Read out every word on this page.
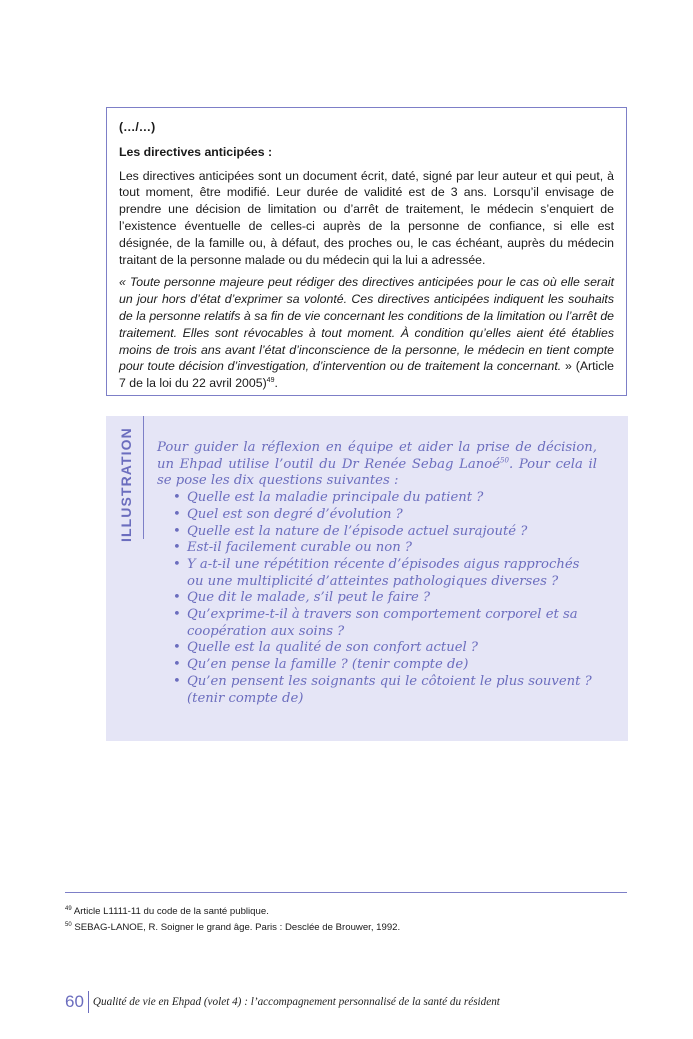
(…/…)

Les directives anticipées :

Les directives anticipées sont un document écrit, daté, signé par leur auteur et qui peut, à tout moment, être modifié. Leur durée de validité est de 3 ans. Lorsqu’il envisage de prendre une décision de limitation ou d’arrêt de traitement, le médecin s’enquiert de l’existence éventuelle de celles-ci auprès de la personne de confiance, si elle est désignée, de la famille ou, à défaut, des proches ou, le cas échéant, auprès du médecin traitant de la personne malade ou du médecin qui la lui a adressée.

« Toute personne majeure peut rédiger des directives anticipées pour le cas où elle serait un jour hors d’état d’exprimer sa volonté. Ces directives anticipées indiquent les souhaits de la personne relatifs à sa fin de vie concernant les conditions de la limitation ou l’arrêt de traitement. Elles sont révocables à tout moment. À condition qu’elles aient été établies moins de trois ans avant l’état d’inconscience de la personne, le médecin en tient compte pour toute décision d’investigation, d’intervention ou de traitement la concernant. » (Article 7 de la loi du 22 avril 2005)$^{49}$.

ILLUSTRATION Pour guider la réflexion en équipe et aider la prise de décision, un Ehpad utilise l’outil du Dr Renée Sebag Lanoé$^{50}$. Pour cela il se pose les dix questions suivantes :

• Quelle est la maladie principale du patient ?
• Quel est son degré d’évolution ?
• Quelle est la nature de l’épisode actuel surajouté ?
• Est-il facilement curable ou non ?
• Y a-t-il une répétition récente d’épisodes aigus rapprochés ou une multiplicité d’atteintes pathologiques diverses ?
• Que dit le malade, s’il peut le faire ?
• Qu’exprime-t-il à travers son comportement corporel et sa coopération aux soins ?
• Quelle est la qualité de son confort actuel ?
• Qu’en pense la famille ? (tenir compte de)
• Qu’en pensent les soignants qui le côtoient le plus souvent ? (tenir compte de)

$^{49}$ Article L1111-11 du code de la santé publique.

$^{50}$ SEBAG-LANOE, R. Soigner le grand âge. Paris : Desclée de Brouwer, 1992.

60 Qualité de vie en Ehpad (volet 4) : l’accompagnement personnalisé de la santé du résident
